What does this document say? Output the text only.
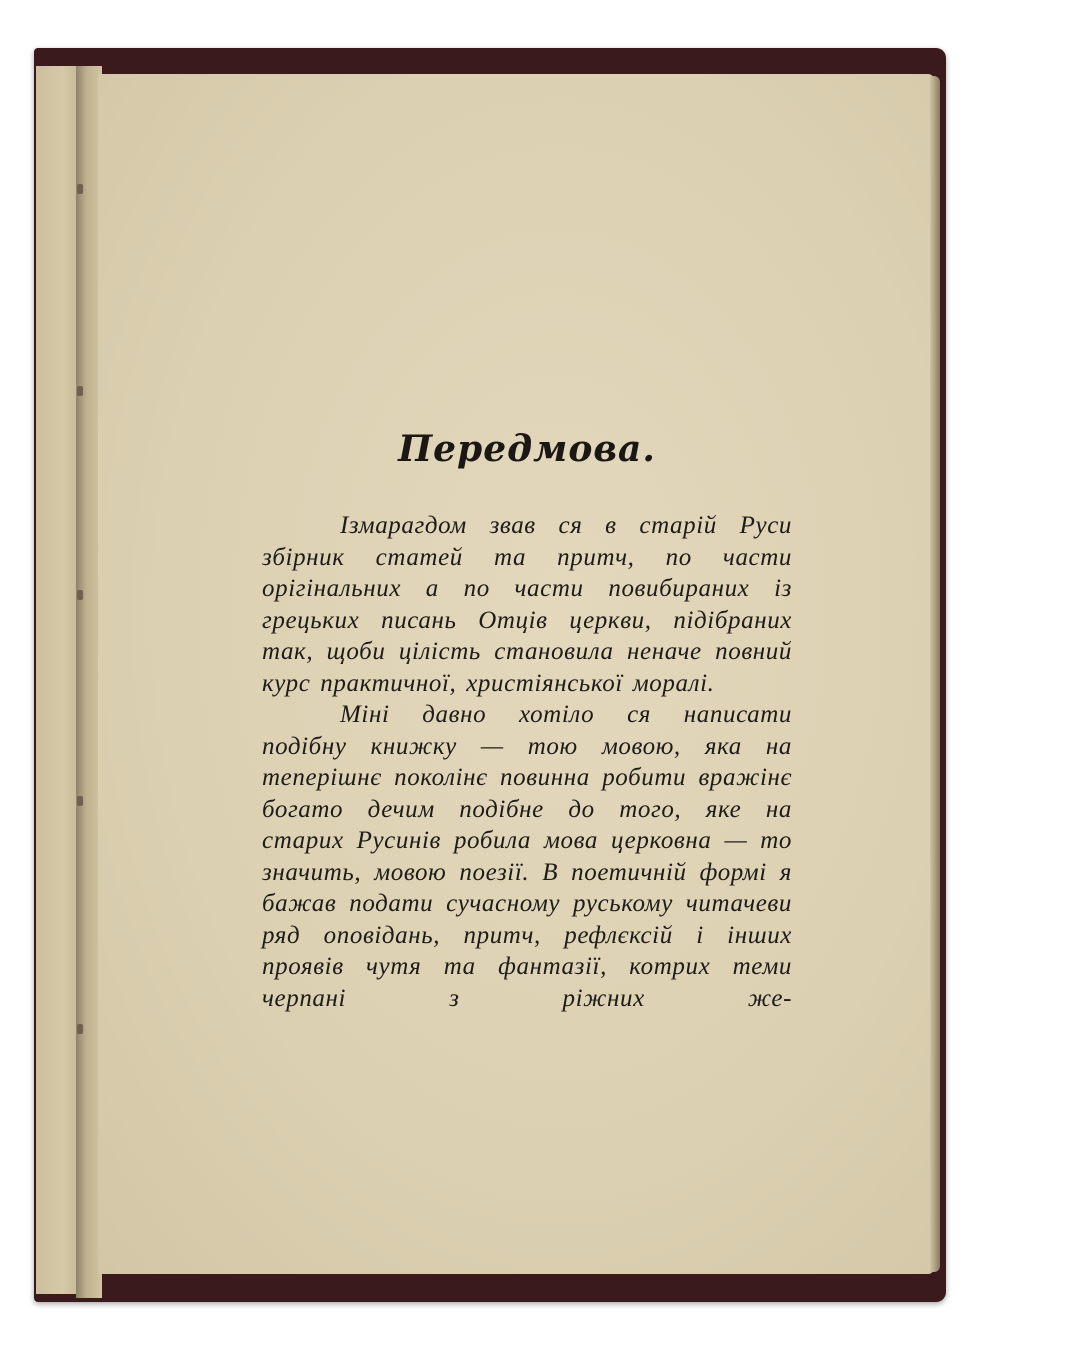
Передмова.

Ізмарагдом звав ся в старій Руси збірник статей та притч, по части орігінальних а по части повибираних із грецьких писань Отців церкви, підібраних так, щоби цілість становила неначе повний курс практичної, христіянської моралі.

Міні давно хотіло ся написати подібну книжку — тою мовою, яка на теперішнє поколінє повинна робити вражінє богато дечим подібне до того, яке на старих Русинів робила мова церковна — то значить, мовою поезії. В поетичній формі я бажав подати сучасному руському читачеви ряд оповідань, притч, рефлєксій і інших проявів чутя та фантазії, котрих теми черпані з ріжних же-
